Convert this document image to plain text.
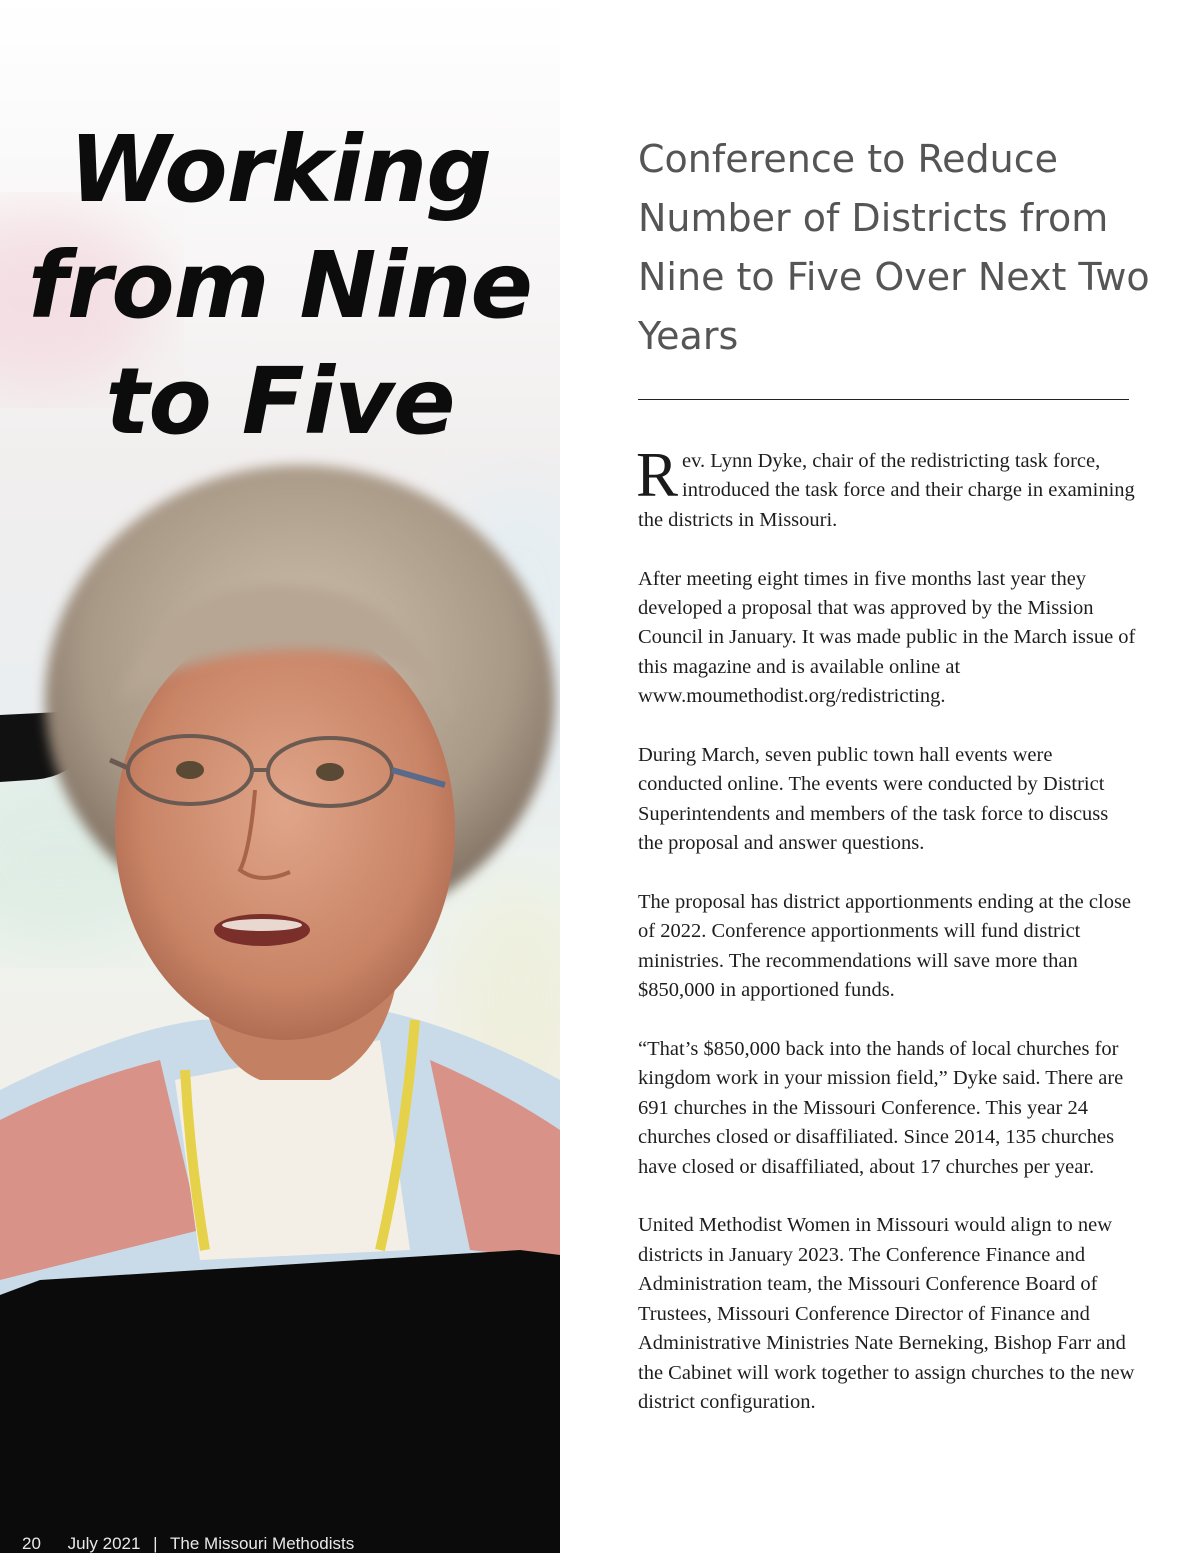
Working
from Nine
to Five
20 July 2021 | The Missouri Methodists
Conference to Reduce Number of Districts from Nine to Five Over Next Two Years

Rev. Lynn Dyke, chair of the redistricting task force, introduced the task force and their charge in examining the districts in Missouri.

After meeting eight times in five months last year they developed a proposal that was approved by the Mission Council in January. It was made public in the March issue of this magazine and is available online at www.moumethodist.org/redistricting.

During March, seven public town hall events were conducted online. The events were conducted by District Superintendents and members of the task force to discuss the proposal and answer questions.

The proposal has district apportionments ending at the close of 2022. Conference apportionments will fund district ministries. The recommendations will save more than $850,000 in apportioned funds.

“That’s $850,000 back into the hands of local churches for kingdom work in your mission field,” Dyke said. There are 691 churches in the Missouri Conference. This year 24 churches closed or disaffiliated. Since 2014, 135 churches have closed or disaffiliated, about 17 churches per year.

United Methodist Women in Missouri would align to new districts in January 2023. The Conference Finance and Administration team, the Missouri Conference Board of Trustees, Missouri Conference Director of Finance and Administrative Ministries Nate Berneking, Bishop Farr and the Cabinet will work together to assign churches to the new district configuration.
